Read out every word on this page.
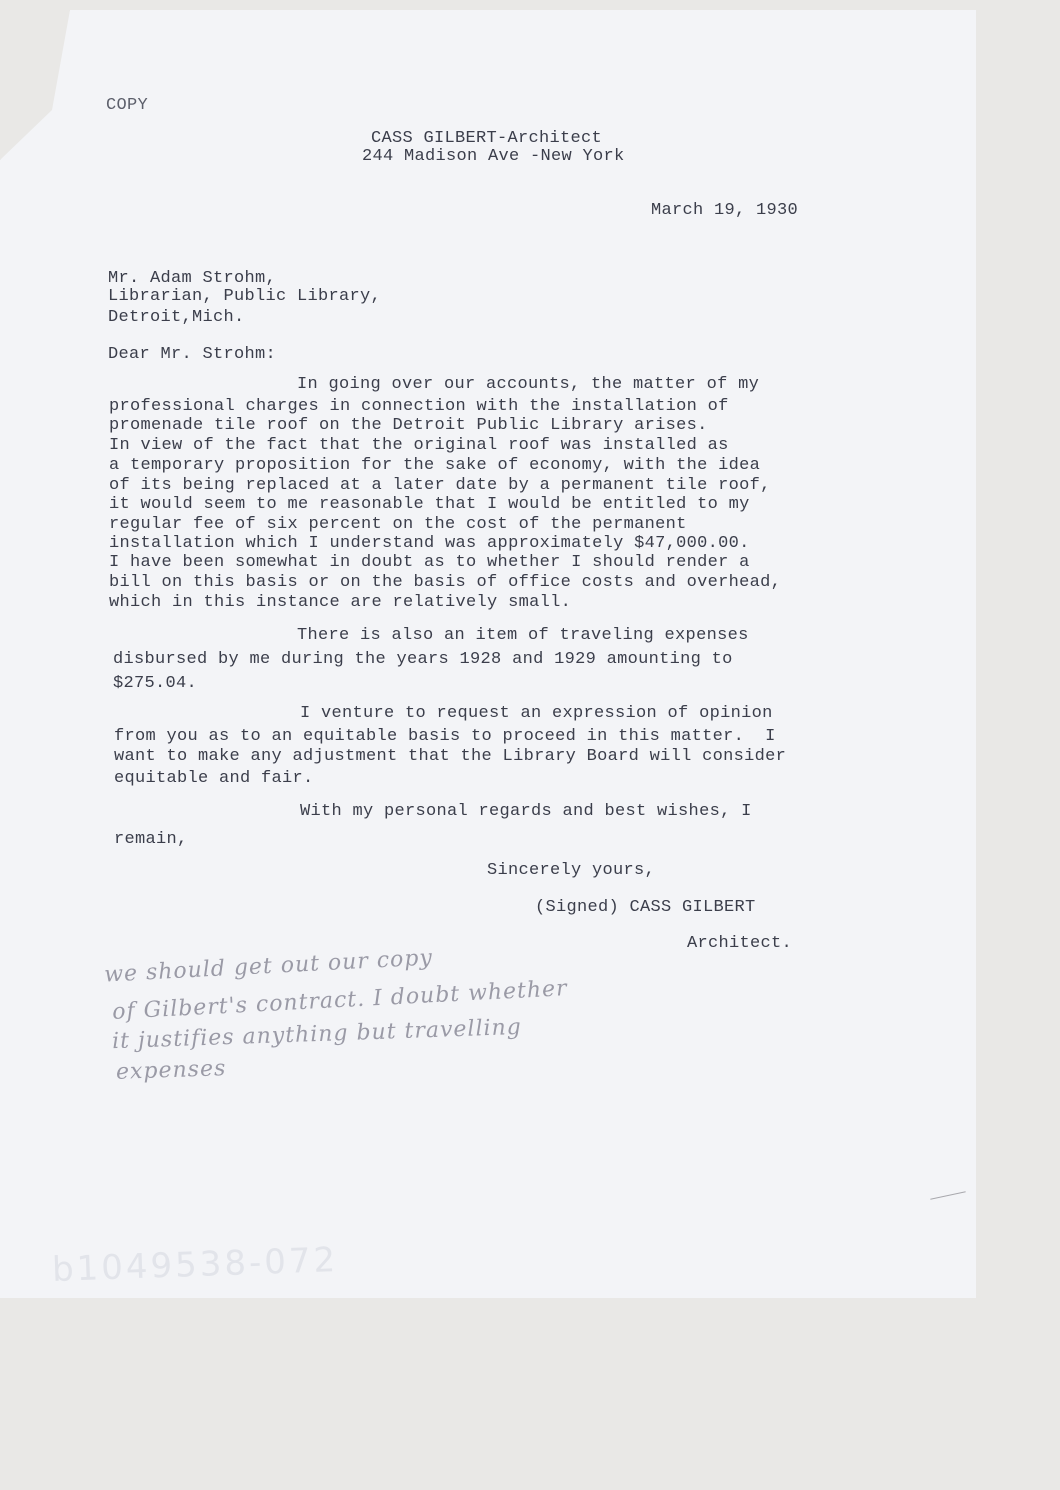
COPY
CASS GILBERT-Architect
244 Madison Ave -New York
March 19, 1930
Mr. Adam Strohm,
Librarian, Public Library,
Detroit,Mich.
Dear Mr. Strohm:
In going over our accounts, the matter of my
professional charges in connection with the installation of
promenade tile roof on the Detroit Public Library arises.
In view of the fact that the original roof was installed as
a temporary proposition for the sake of economy, with the idea
of its being replaced at a later date by a permanent tile roof,
it would seem to me reasonable that I would be entitled to my
regular fee of six percent on the cost of the permanent
installation which I understand was approximately $47,000.00.
I have been somewhat in doubt as to whether I should render a
bill on this basis or on the basis of office costs and overhead,
which in this instance are relatively small.
There is also an item of traveling expenses
disbursed by me during the years 1928 and 1929 amounting to
$275.04.
I venture to request an expression of opinion
from you as to an equitable basis to proceed in this matter.  I
want to make any adjustment that the Library Board will consider
equitable and fair.
With my personal regards and best wishes, I
remain,
Sincerely yours,
(Signed) CASS GILBERT
Architect.
we should get out our copy
of Gilbert's contract. I doubt whether
it justifies anything but travelling
expenses
b1049538-072
